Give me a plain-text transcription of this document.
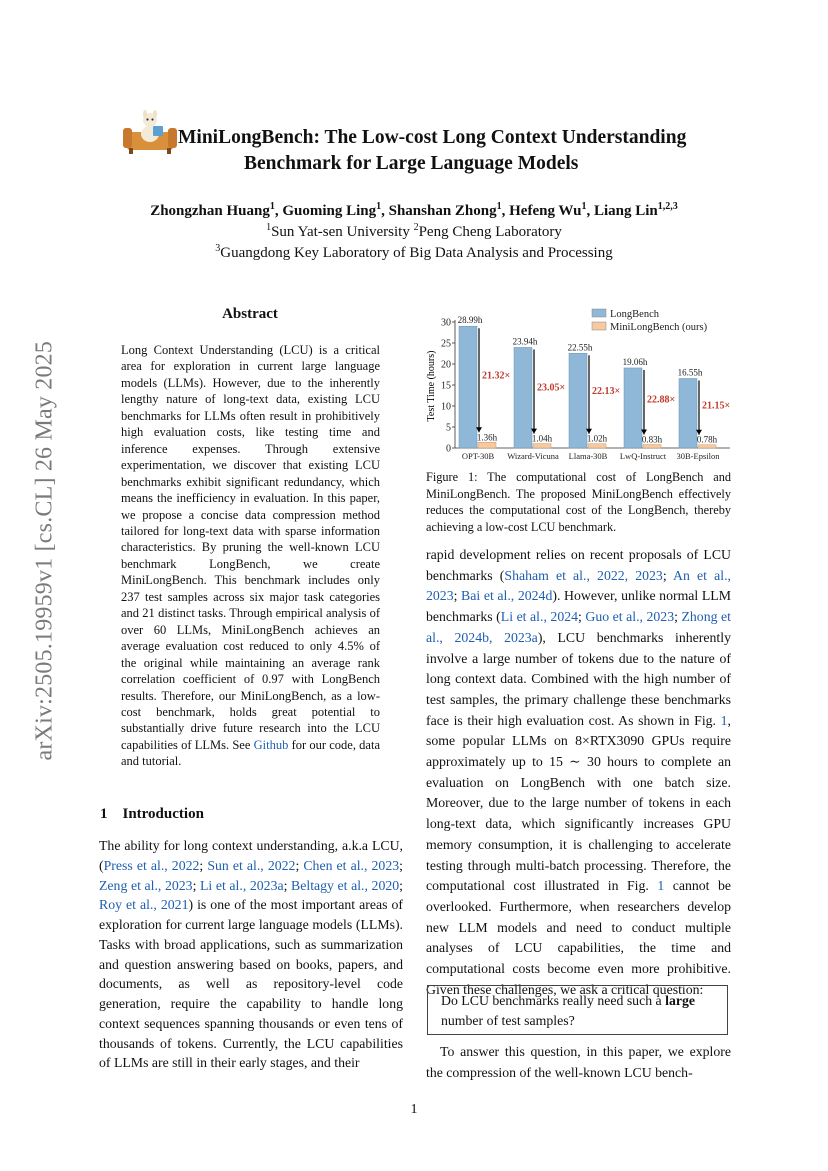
arXiv:2505.19959v1 [cs.CL] 26 May 2025
MiniLongBench: The Low-cost Long Context Understanding
Benchmark for Large Language Models
Zhongzhan Huang$^1$, Guoming Ling$^1$, Shanshan Zhong$^1$, Hefeng Wu$^1$, Liang Lin$^{1,2,3}$
$^1$Sun Yat-sen University $^2$Peng Cheng Laboratory
$^3$Guangdong Key Laboratory of Big Data Analysis and Processing
Abstract
Long Context Understanding (LCU) is a critical area for exploration in current large language models (LLMs). However, due to the inherently lengthy nature of long-text data, existing LCU benchmarks for LLMs often result in prohibitively high evaluation costs, like testing time and inference expenses. Through extensive experimentation, we discover that existing LCU benchmarks exhibit significant redundancy, which means the inefficiency in evaluation. In this paper, we propose a concise data compression method tailored for long-text data with sparse information characteristics. By pruning the well-known LCU benchmark LongBench, we create MiniLongBench. This benchmark includes only 237 test samples across six major task categories and 21 distinct tasks. Through empirical analysis of over 60 LLMs, MiniLongBench achieves an average evaluation cost reduced to only 4.5% of the original while maintaining an average rank correlation coefficient of 0.97 with LongBench results. Therefore, our MiniLongBench, as a low-cost benchmark, holds great potential to substantially drive future research into the LCU capabilities of LLMs. See Github for our code, data and tutorial.
1 Introduction
The ability for long context understanding, a.k.a LCU, (Press et al., 2022; Sun et al., 2022; Chen et al., 2023; Zeng et al., 2023; Li et al., 2023a; Beltagy et al., 2020; Roy et al., 2021) is one of the most important areas of exploration for current large language models (LLMs). Tasks with broad applications, such as summarization and question answering based on books, papers, and documents, as well as repository-level code generation, require the capability to handle long context sequences spanning thousands or even tens of thousands of tokens. Currently, the LCU capabilities of LLMs are still in their early stages, and their
0
5
10
15
20
25
30 28.99h
1.36h
21.32×
OPT-30B
23.94h
1.04h
23.05×
Wizard-Vicuna
22.55h
1.02h
22.13×
Llama-30B
19.06h
0.83h
22.88×
LwQ-Instruct
16.55h
0.78h
21.15×
30B-Epsilon
LongBench
MiniLongBench (ours)
Test Time (hours)
Figure 1: The computational cost of LongBench and MiniLongBench. The proposed MiniLongBench effectively reduces the computational cost of the LongBench, thereby achieving a low-cost LCU benchmark.
rapid development relies on recent proposals of LCU benchmarks (Shaham et al., 2022, 2023; An et al., 2023; Bai et al., 2024d). However, unlike normal LLM benchmarks (Li et al., 2024; Guo et al., 2023; Zhong et al., 2024b, 2023a), LCU benchmarks inherently involve a large number of tokens due to the nature of long context data. Combined with the high number of test samples, the primary challenge these benchmarks face is their high evaluation cost. As shown in Fig. 1, some popular LLMs on 8×RTX3090 GPUs require approximately up to 15 ∼ 30 hours to complete an evaluation on LongBench with one batch size. Moreover, due to the large number of tokens in each long-text data, which significantly increases GPU memory consumption, it is challenging to accelerate testing through multi-batch processing. Therefore, the computational cost illustrated in Fig. 1 cannot be overlooked. Furthermore, when researchers develop new LLM models and need to conduct multiple analyses of LCU capabilities, the time and computational costs become even more prohibitive. Given these challenges, we ask a critical question:
Do LCU benchmarks really need such a large number of test samples?
To answer this question, in this paper, we explore the compression of the well-known LCU bench-
1
